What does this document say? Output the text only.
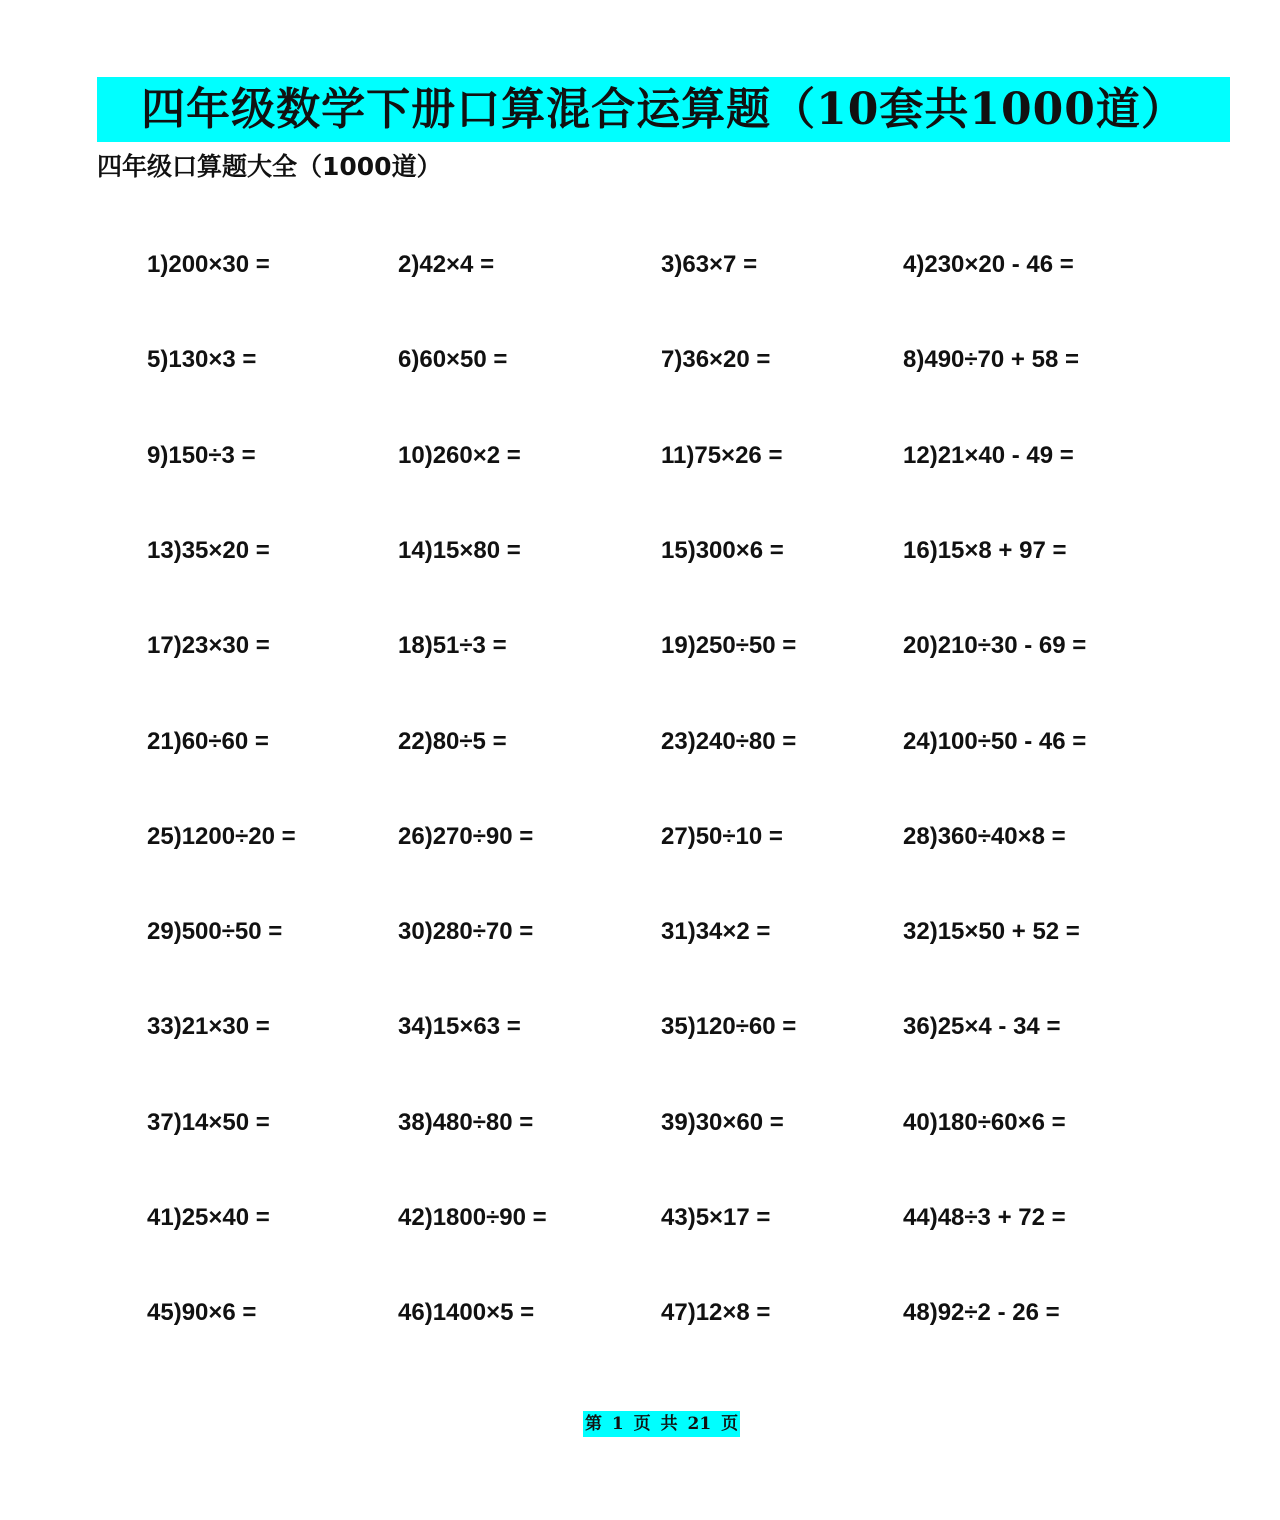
四年级数学下册口算混合运算题（10套共1000道）
四年级口算题大全（1000道）
1)200×30 =	2)42×4 =	3)63×7 =	4)230×20 - 46 =
5)130×3 =	6)60×50 =	7)36×20 =	8)490÷70 + 58 =
9)150÷3 =	10)260×2 =	11)75×26 =	12)21×40 - 49 =
13)35×20 =	14)15×80 =	15)300×6 =	16)15×8 + 97 =
17)23×30 =	18)51÷3 =	19)250÷50 =	20)210÷30 - 69 =
21)60÷60 =	22)80÷5 =	23)240÷80 =	24)100÷50 - 46 =
25)1200÷20 =	26)270÷90 =	27)50÷10 =	28)360÷40×8 =
29)500÷50 =	30)280÷70 =	31)34×2 =	32)15×50 + 52 =
33)21×30 =	34)15×63 =	35)120÷60 =	36)25×4 - 34 =
37)14×50 =	38)480÷80 =	39)30×60 =	40)180÷60×6 =
41)25×40 =	42)1800÷90 =	43)5×17 =	44)48÷3 + 72 =
45)90×6 =	46)1400×5 =	47)12×8 =	48)92÷2 - 26 =
第 1 页 共 21 页
